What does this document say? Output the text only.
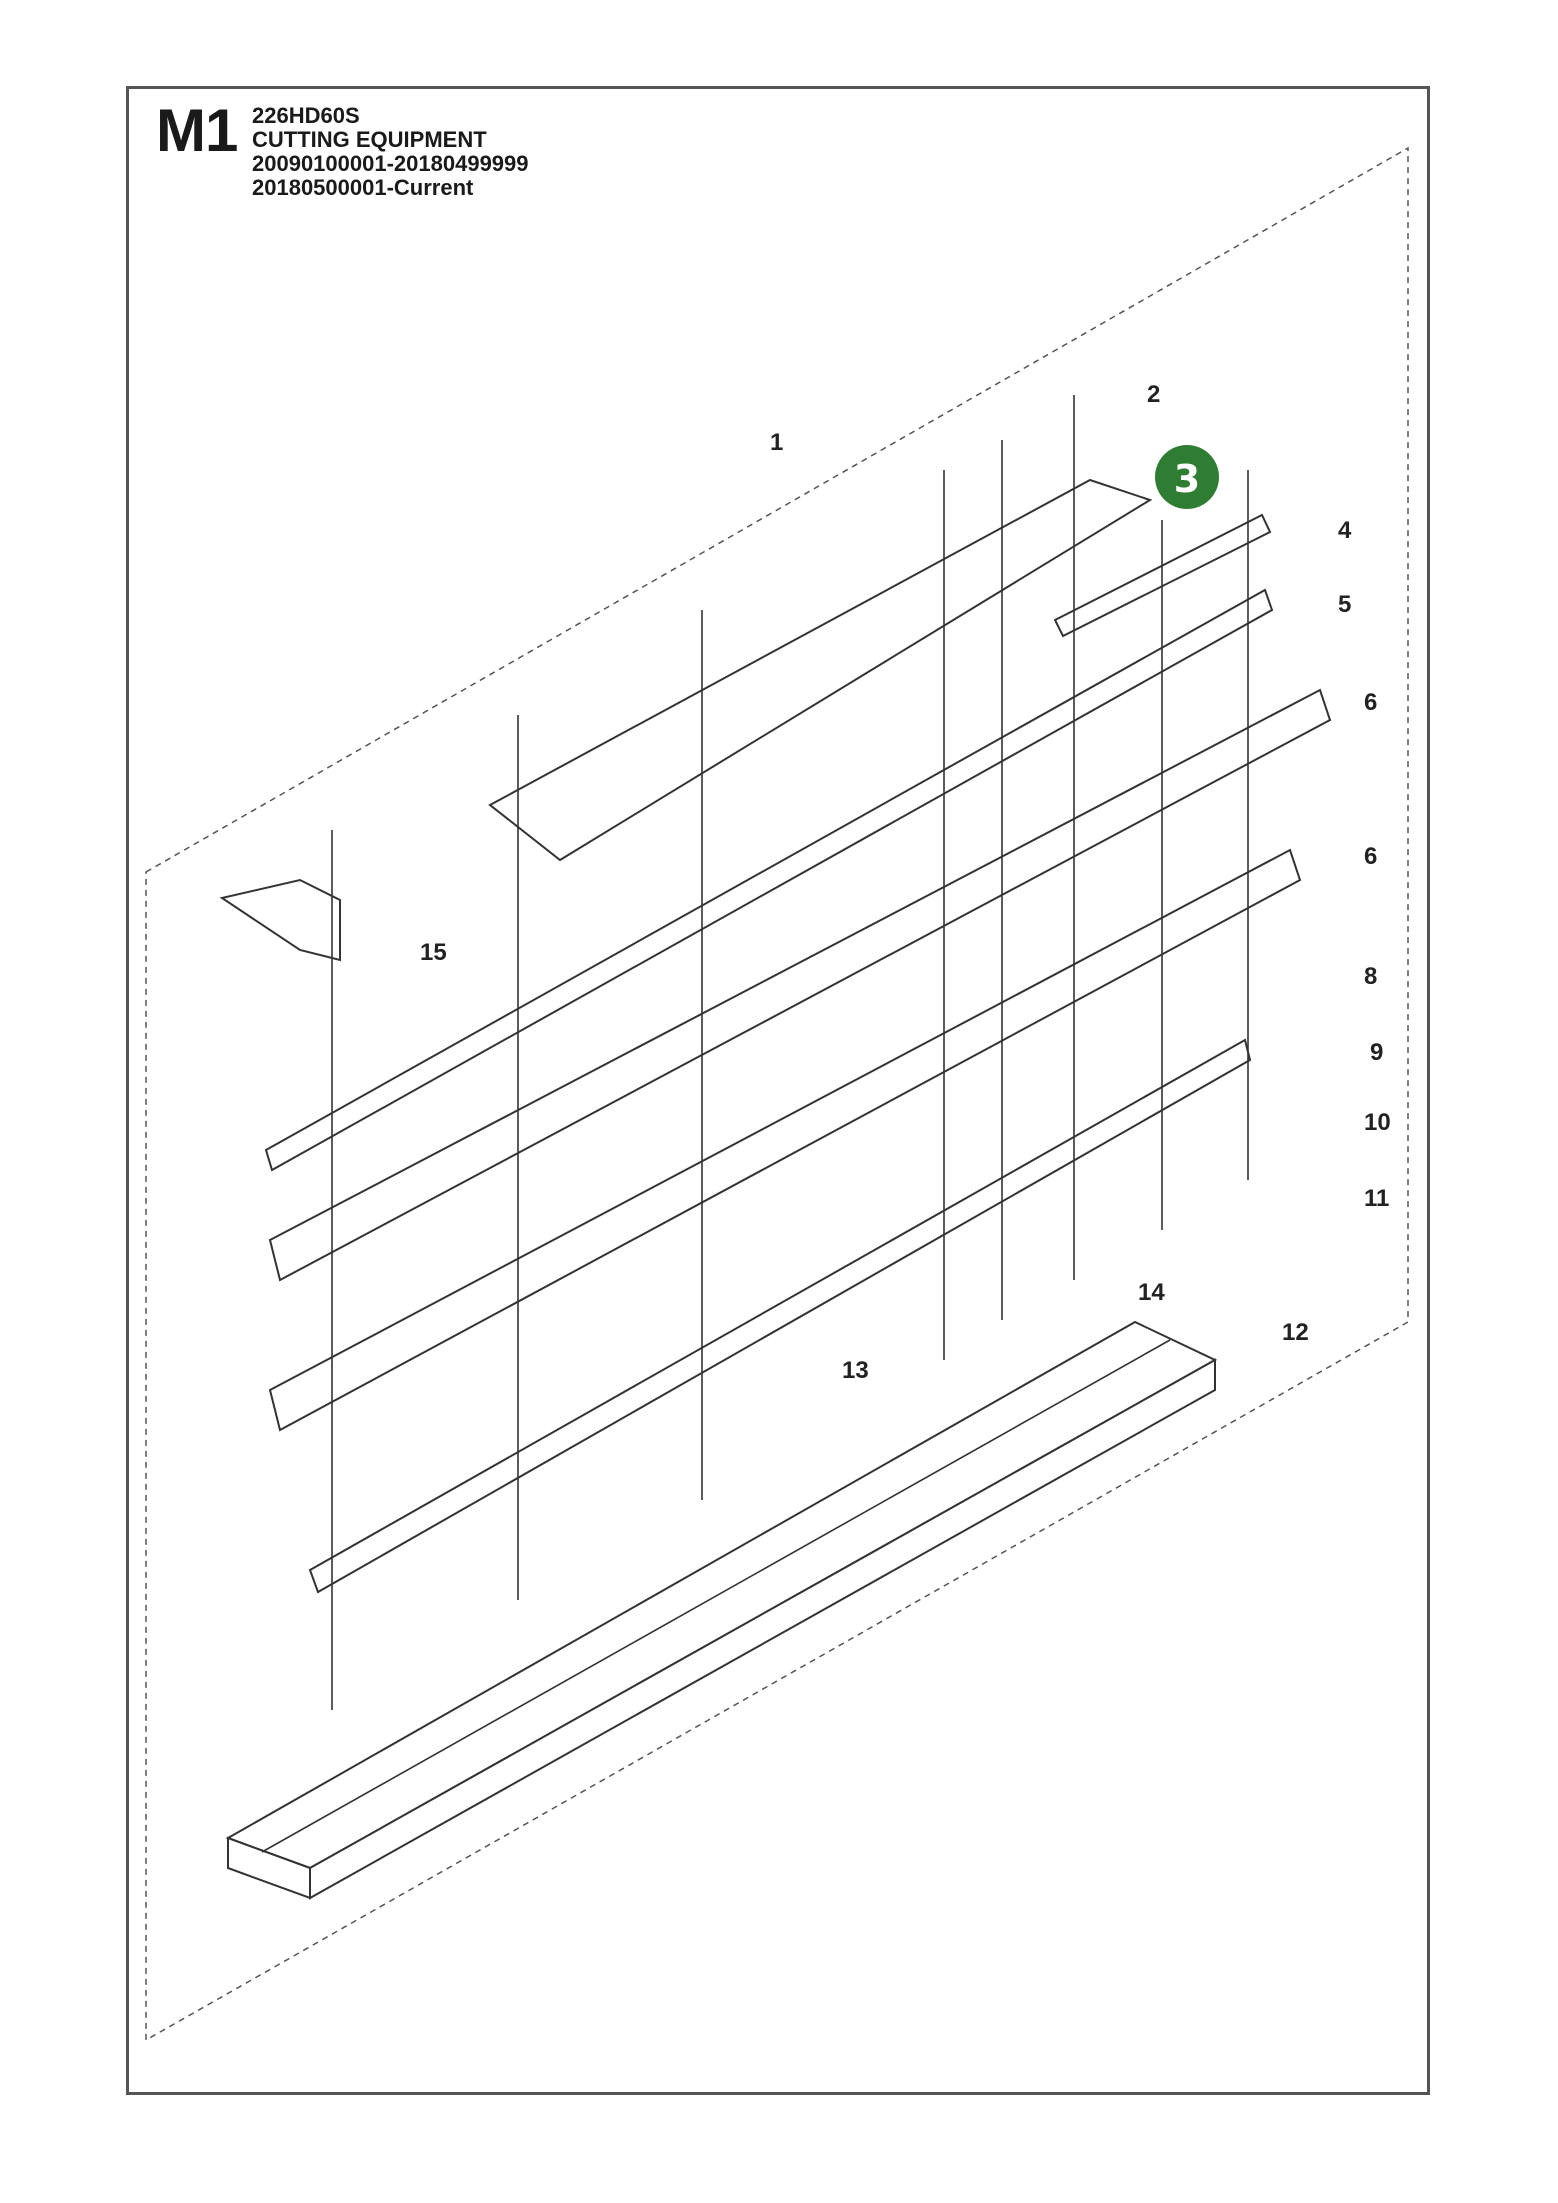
M1 226HD60S
CUTTING EQUIPMENT
20090100001-20180499999
20180500001-Current
1
2
4
5
6
6
8
9
10
11
12
13
14
15
3
